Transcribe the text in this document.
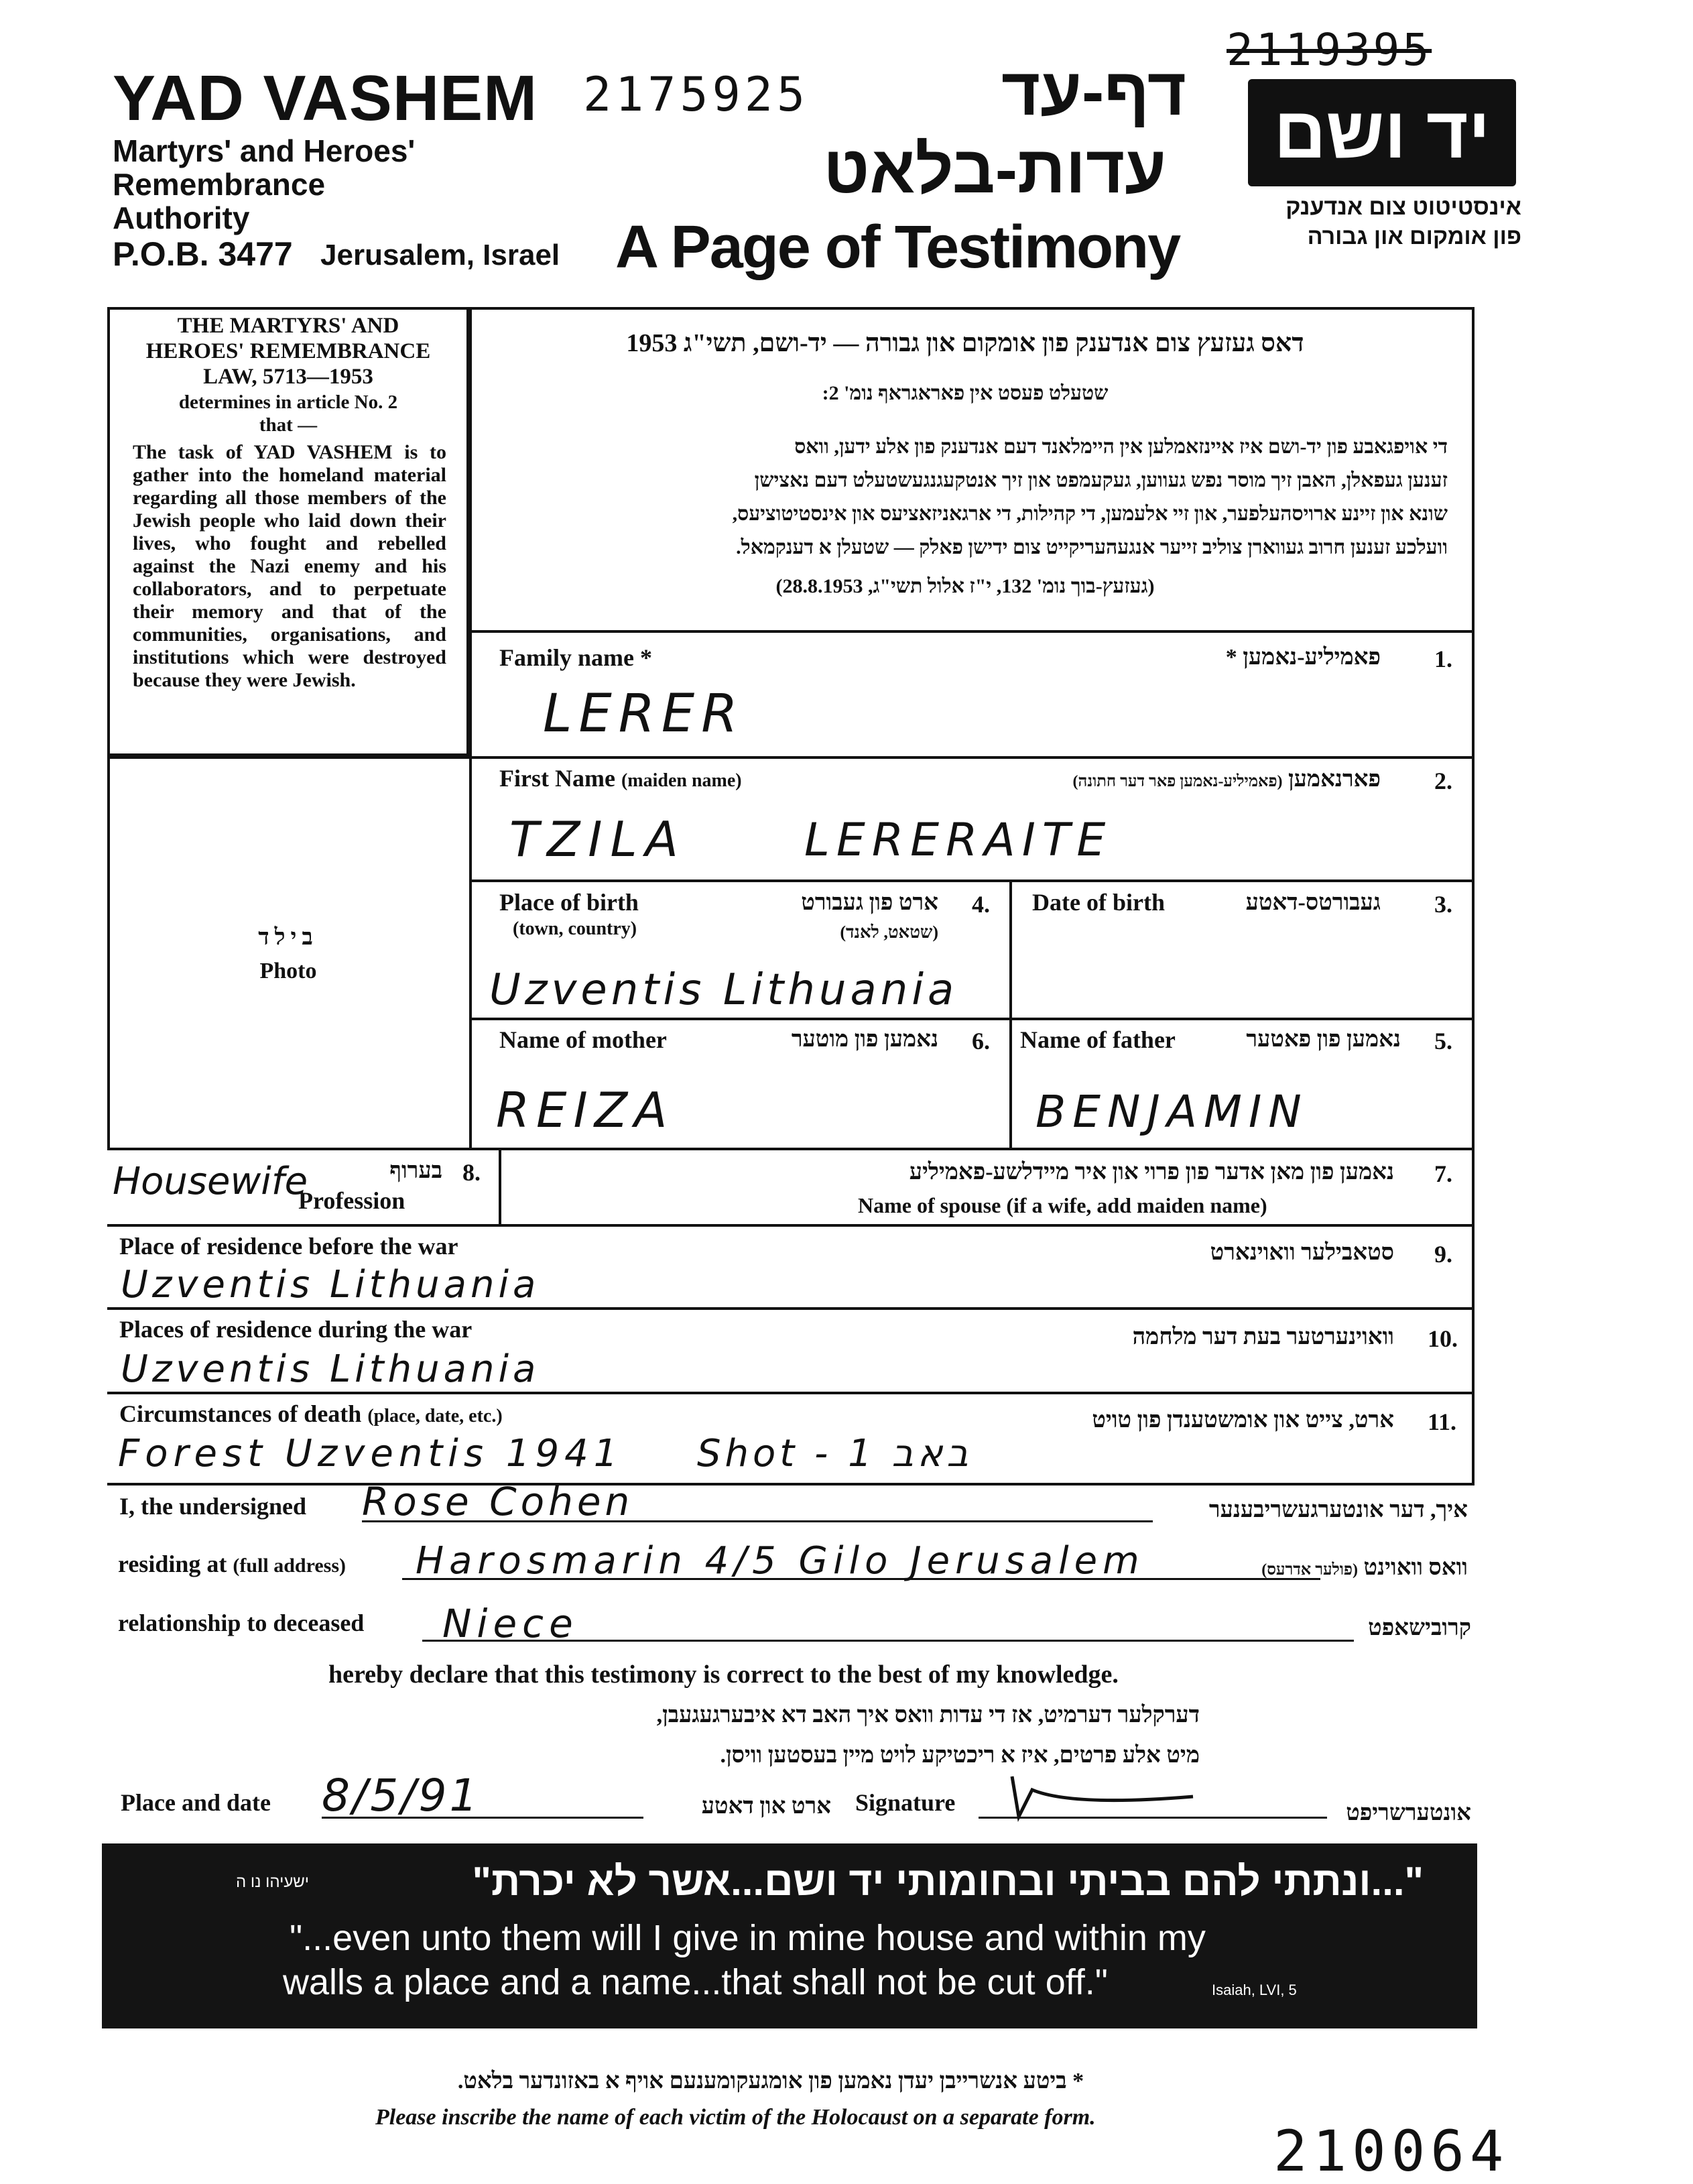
YAD VASHEM
Martyrs' and Heroes'
Remembrance
Authority
P.O.B. 3477 Jerusalem, Israel
2175925	דף-עד
עדות-בלאט
A Page of Testimony
2119395
יד ושם
אינסטיטוט צום אנדענק
פון אומקום און גבורה
THE MARTYRS' AND
HEROES' REMEMBRANCE
LAW, 5713—1953
determines in article No. 2
that —
The task of YAD VASHEM is to gather into the homeland material regarding all those members of the Jewish people who laid down their lives, who fought and rebelled against the Nazi enemy and his collaborators, and to perpetuate their memory and that of the communities, organisations, and institutions which were destroyed because they were Jewish.
בילד
Photo
דאס געזעץ צום אנדענק פון אומקום און גבורה — יד-ושם, תשי"ג 1953
שטעלט פעסט אין פאראגראף נומ' 2:
די אויפגאבע פון יד-ושם איז איינזאמלען אין היימלאנד דעם אנדענק פון אלע ידען, וואס
זענען געפאלן, האבן זיך מוסר נפש געווען, געקעמפט און זיך אנטקעגנגעשטעלט דעם נאצישן
שונא און זיינע ארויסהעלפער, און זיי אלעמען, די קהילות, די ארגאניזאציעס און אינסטיטוציעס,
וועלכע זענען חרוב געווארן צוליב זייער אנגעהעריקייט צום ידישן פאלק — שטעלן א דענקמאל.
(געזעץ-בוך נומ' 132, י"ז אלול תשי"ג, 28.8.1953)
Family name *	פאמיליע-נאמען * 1.
LERER
First Name (maiden name)	פארנאמען (פאמיליע-נאמען פאר דער חתונה)	2.
TZILA	LERERAITE
Place of birth
(town, country)
ארט פון געבורט
(שטאט, לאנד)
4.
Uzventis Lithuania
Date of birth	געבורטס-דאטע 3.
Name of mother	נאמען פון מוטער 6.
REIZA
Name of father	נאמען פון פאטער 5.
BENJAMIN
Housewife	בערוף 8.
Profession
נאמען פון מאן אדער פון פרוי און איר מיידלשע-פאמיליע 7.
Name of spouse (if a wife, add maiden name)
Place of residence before the war	סטאבילער וואוינארט 9.
Uzventis Lithuania
Places of residence during the war	וואוינערטער בעת דער מלחמה 10.
Uzventis Lithuania
Circumstances of death (place, date, etc.)	ארט, צייט און אומשטענדן פון טויט 11.
Forest Uzventis 1941 באב 1 - Shot
I, the undersigned Rose Cohen	איך, דער אונטערגעשריבענער
residing at (full address) Harosmarin 4/5 Gilo Jerusalem	וואס וואוינט (פולער אדרעס)
relationship to deceased Niece	קרובישאפט
hereby declare that this testimony is correct to the best of my knowledge.
דערקלער דערמיט, אז די עדות וואס איך האב דא איבערגעגעבן,
מיט אלע פרטים, איז א ריכטיקע לויט מיין בעסטען וויסן.
Place and date 8/5/91	ארט און דאטע Signature	אונטערשריפט
"...ונתתי להם בביתי ובחומותי יד ושם...אשר לא יכרת"
ישעיהו נו ה
"...even unto them will I give in mine house and within my
walls a place and a name...that shall not be cut off."	Isaiah, LVI, 5
* ביטע אנשרייבן יעדן נאמען פון אומגעקומענעם אויף א באזונדער בלאט.
Please inscribe the name of each victim of the Holocaust on a separate form.
210064
